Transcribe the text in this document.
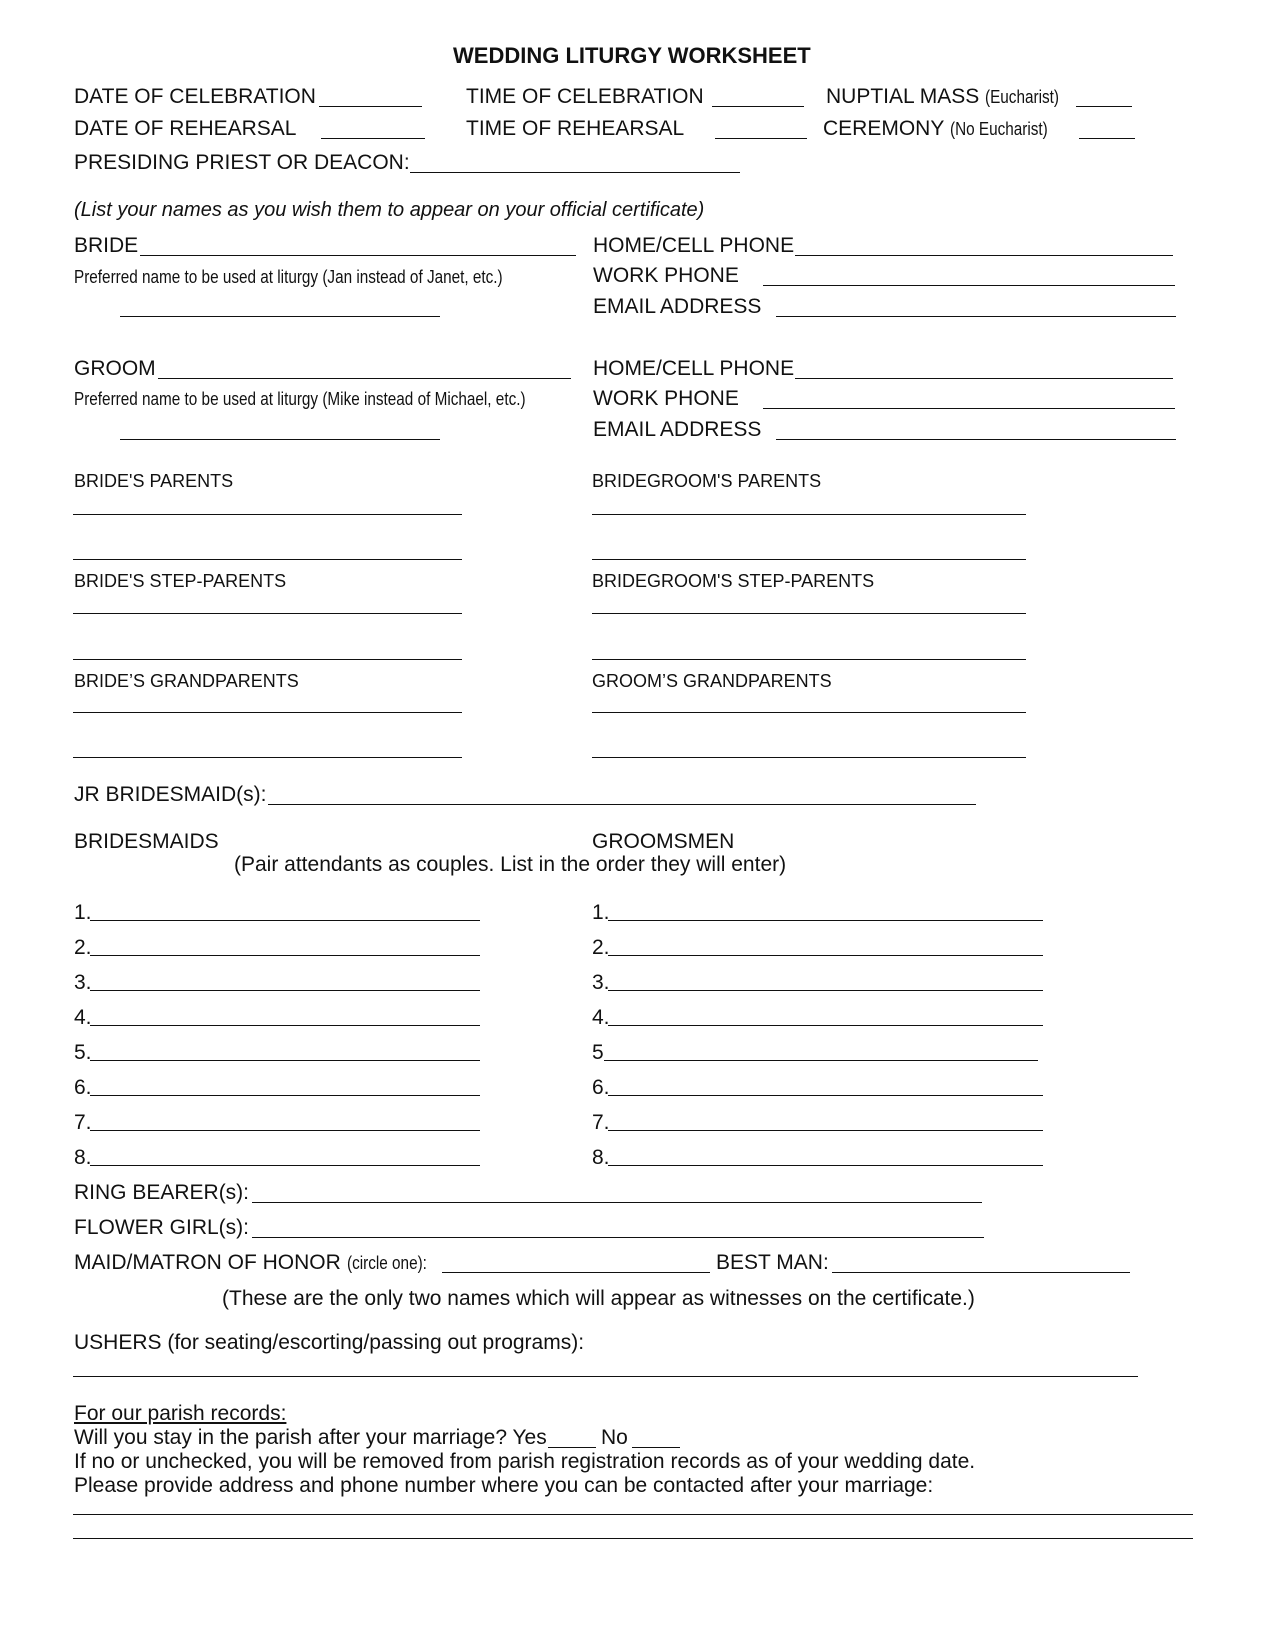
WEDDING LITURGY WORKSHEET
DATE OF CELEBRATION	TIME OF CELEBRATION	NUPTIAL MASS (Eucharist)
DATE OF REHEARSAL	TIME OF REHEARSAL	CEREMONY (No Eucharist)
PRESIDING PRIEST OR DEACON:
(List your names as you wish them to appear on your official certificate)
BRIDE
Preferred name to be used at liturgy (Jan instead of Janet, etc.)
HOME/CELL PHONE
WORK PHONE
EMAIL ADDRESS
GROOM
Preferred name to be used at liturgy (Mike instead of Michael, etc.)
HOME/CELL PHONE
WORK PHONE
EMAIL ADDRESS
BRIDE'S PARENTS	BRIDEGROOM'S PARENTS
BRIDE'S STEP-PARENTS	BRIDEGROOM'S STEP-PARENTS
BRIDE’S GRANDPARENTS	GROOM’S GRANDPARENTS
JR BRIDESMAID(s):
BRIDESMAIDS	GROOMSMEN
(Pair attendants as couples. List in the order they will enter)
1.
2.
3.
4.
5.
6.
7.
8.
1.
2.
3.
4.
5
6.
7.
8.
RING BEARER(s):
FLOWER GIRL(s):
MAID/MATRON OF HONOR (circle one):	BEST MAN:
(These are the only two names which will appear as witnesses on the certificate.)
USHERS (for seating/escorting/passing out programs):
For our parish records:
Will you stay in the parish after your marriage? Yes	No
If no or unchecked, you will be removed from parish registration records as of your wedding date.
Please provide address and phone number where you can be contacted after your marriage:
